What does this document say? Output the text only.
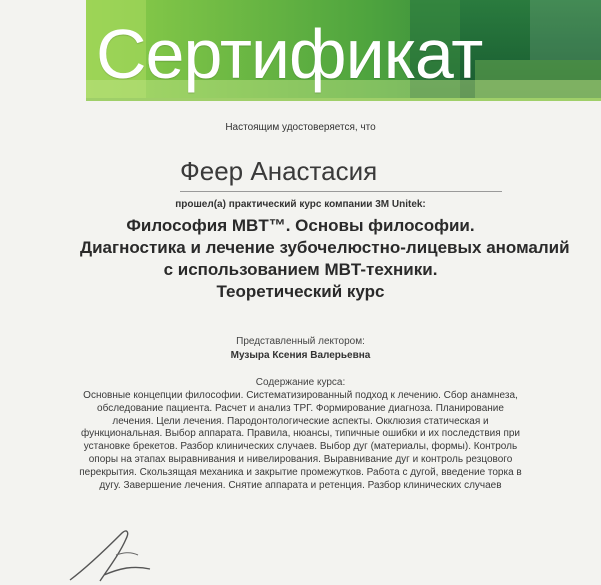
Сертификат
Настоящим удостоверяется, что
Феер Анастасия
прошел(а) практический курс компании 3M Unitek:
Философия MBT™. Основы философии.
Диагностика и лечение зубочелюстно-лицевых аномалий
с использованием MBT-техники.
Теоретический курс
Представленный лектором:
Музыра Ксения Валерьевна
Содержание курса:
Основные концепции философии. Систематизированный подход к лечению. Сбор анамнеза, обследование пациента. Расчет и анализ ТРГ. Формирование диагноза. Планирование лечения. Цели лечения. Пародонтологические аспекты. Окклюзия статическая и функциональная. Выбор аппарата. Правила, нюансы, типичные ошибки и их последствия при установке брекетов. Разбор клинических случаев. Выбор дуг (материалы, формы). Контроль опоры на этапах выравнивания и нивелирования. Выравнивание дуг и контроль резцового перекрытия. Скользящая механика и закрытие промежутков. Работа с дугой, введение торка в дугу. Завершение лечения. Снятие аппарата и ретенция. Разбор клинических случаев
